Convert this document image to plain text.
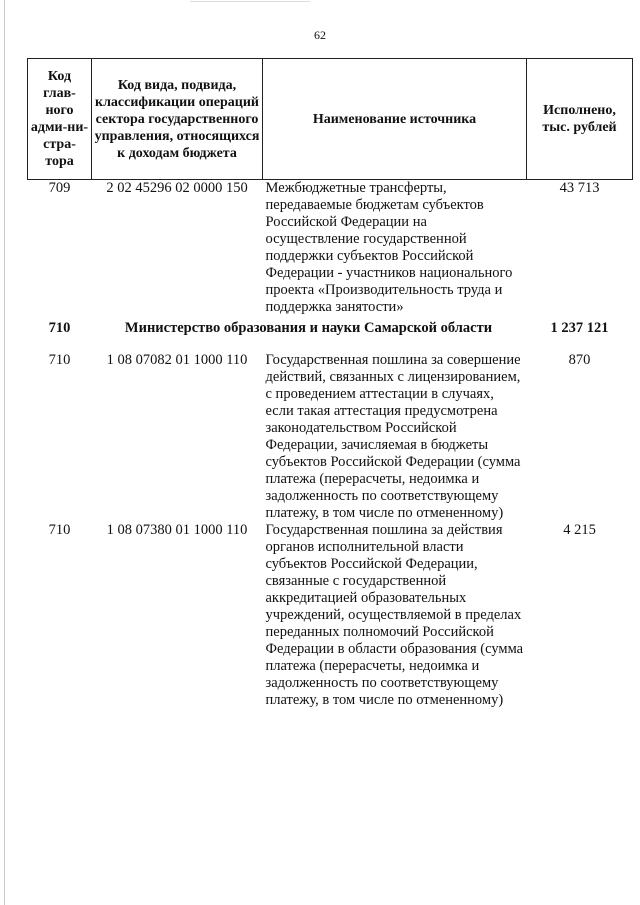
62
Код глав-ного адми-ни-стра-тора	Код вида, подвида, классификации операций сектора государственного управления, относящихся к доходам бюджета	Наименование источника	Исполнено, тыс. рублей
709	2 02 45296 02 0000 150	Межбюджетные трансферты, передаваемые бюджетам субъектов Российской Федерации на осуществление государственной поддержки субъектов Российской Федерации - участников национального проекта «Производительность труда и поддержка занятости»	43 713
710	Министерство образования и науки Самарской области		1 237 121
710	1 08 07082 01 1000 110	Государственная пошлина за совершение действий, связанных с лицензированием, с проведением аттестации в случаях, если такая аттестация предусмотрена законодательством Российской Федерации, зачисляемая в бюджеты субъектов Российской Федерации (сумма платежа (перерасчеты, недоимка и задолженность по соответствующему платежу, в том числе по отмененному)	870
710	1 08 07380 01 1000 110	Государственная пошлина за действия органов исполнительной власти субъектов Российской Федерации, связанные с государственной аккредитацией образовательных учреждений, осуществляемой в пределах переданных полномочий Российской Федерации в области образования (сумма платежа (перерасчеты, недоимка и задолженность по соответствующему платежу, в том числе по отмененному)	4 215
